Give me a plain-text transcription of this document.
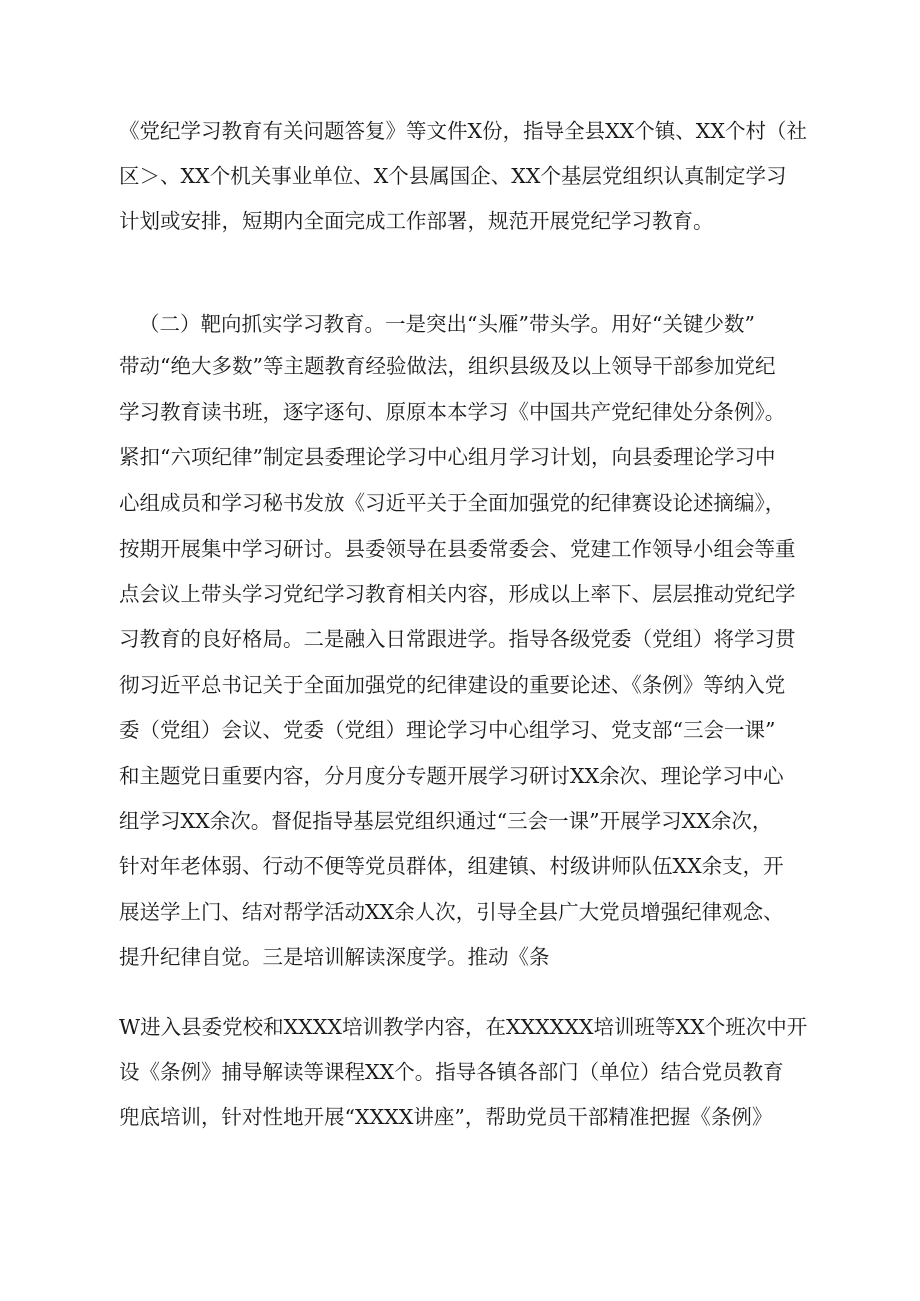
《党纪学习教育有关问题答复》等文件X份，指导全县XX个镇、XX个村（社
区＞、XX个机关事业单位、X个县属国企、XX个基层党组织认真制定学习
计划或安排，短期内全面完成工作部署，规范开展党纪学习教育。
（二）靶向抓实学习教育。一是突出“头雁”带头学。用好“关键少数”
带动“绝大多数”等主题教育经验做法，组织县级及以上领导干部参加党纪
学习教育读书班，逐字逐句、原原本本学习《中国共产党纪律处分条例》。
紧扣“六项纪律”制定县委理论学习中心组月学习计划，向县委理论学习中
心组成员和学习秘书发放《习近平关于全面加强党的纪律赛设论述摘编》，
按期开展集中学习研讨。县委领导在县委常委会、党建工作领导小组会等重
点会议上带头学习党纪学习教育相关内容，形成以上率下、层层推动党纪学
习教育的良好格局。二是融入日常跟进学。指导各级党委（党组）将学习贯
彻习近平总书记关于全面加强党的纪律建设的重要论述、《条例》等纳入党
委（党组）会议、党委（党组）理论学习中心组学习、党支部“三会一课”
和主题党日重要内容，分月度分专题开展学习研讨XX余次、理论学习中心
组学习XX余次。督促指导基层党组织通过“三会一课”开展学习XX余次，
针对年老体弱、行动不便等党员群体，组建镇、村级讲师队伍XX余支，开
展送学上门、结对帮学活动XX余人次，引导全县广大党员增强纪律观念、
提升纪律自觉。三是培训解读深度学。推动《条
W进入县委党校和XXXX培训教学内容，在XXXXXX培训班等XX个班次中开
设《条例》捕导解读等课程XX个。指导各镇各部门（单位）结合党员教育
兜底培训，针对性地开展“XXXX讲座”，帮助党员干部精准把握《条例》
